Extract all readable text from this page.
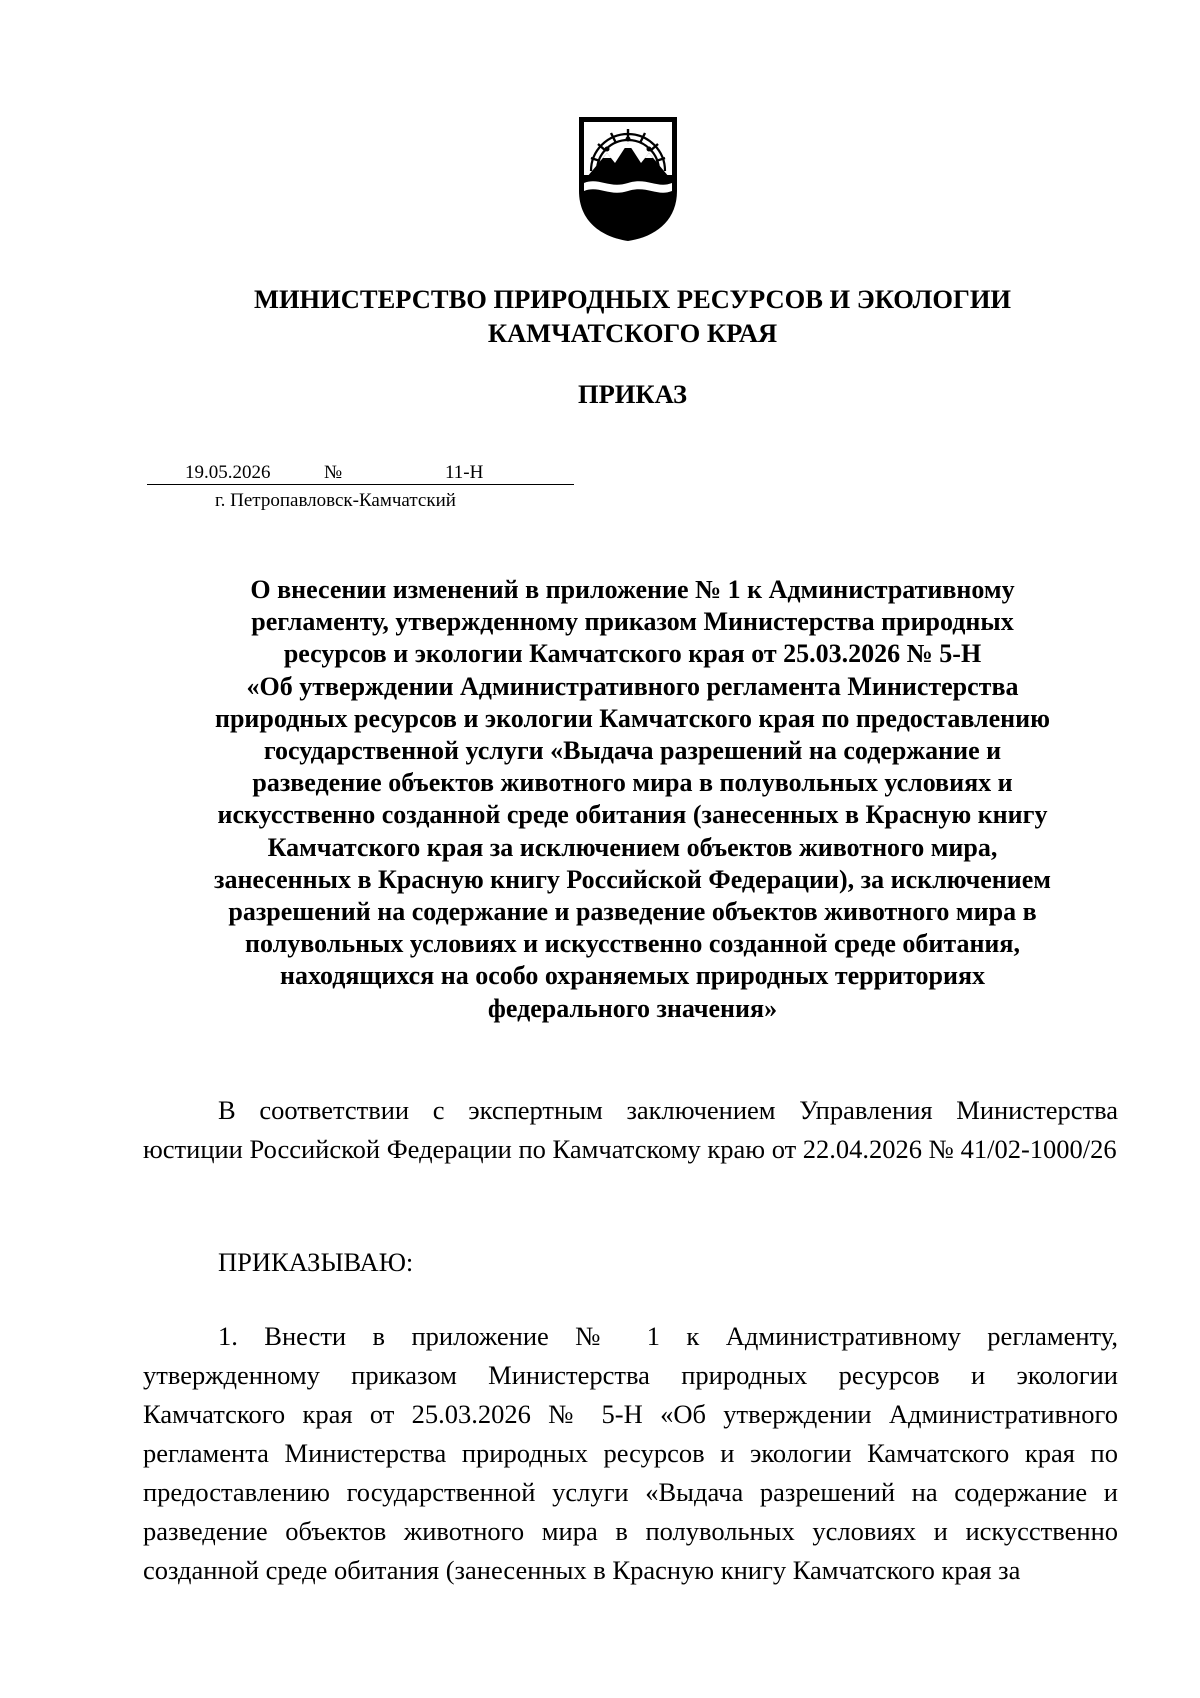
МИНИСТЕРСТВО ПРИРОДНЫХ РЕСУРСОВ И ЭКОЛОГИИ
КАМЧАТСКОГО КРАЯ
ПРИКАЗ
19.05.2026	№	11-Н
г. Петропавловск-Камчатский
О внесении изменений в приложение № 1 к Административному
регламенту, утвержденному приказом Министерства природных
ресурсов и экологии Камчатского края от 25.03.2026 № 5-Н
«Об утверждении Административного регламента Министерства
природных ресурсов и экологии Камчатского края по предоставлению
государственной услуги «Выдача разрешений на содержание и
разведение объектов животного мира в полувольных условиях и
искусственно созданной среде обитания (занесенных в Красную книгу
Камчатского края за исключением объектов животного мира,
занесенных в Красную книгу Российской Федерации), за исключением
разрешений на содержание и разведение объектов животного мира в
полувольных условиях и искусственно созданной среде обитания,
находящихся на особо охраняемых природных территориях
федерального значения»

В соответствии с экспертным заключением Управления Министерства юстиции Российской Федерации по Камчатскому краю от 22.04.2026 № 41/02-1000/26

ПРИКАЗЫВАЮ:

1. Внести в приложение № 1 к Административному регламенту, утвержденному приказом Министерства природных ресурсов и экологии Камчатского края от 25.03.2026 № 5-Н «Об утверждении Административного регламента Министерства природных ресурсов и экологии Камчатского края по предоставлению государственной услуги «Выдача разрешений на содержание и разведение объектов животного мира в полувольных условиях и искусственно созданной среде обитания (занесенных в Красную книгу Камчатского края за
